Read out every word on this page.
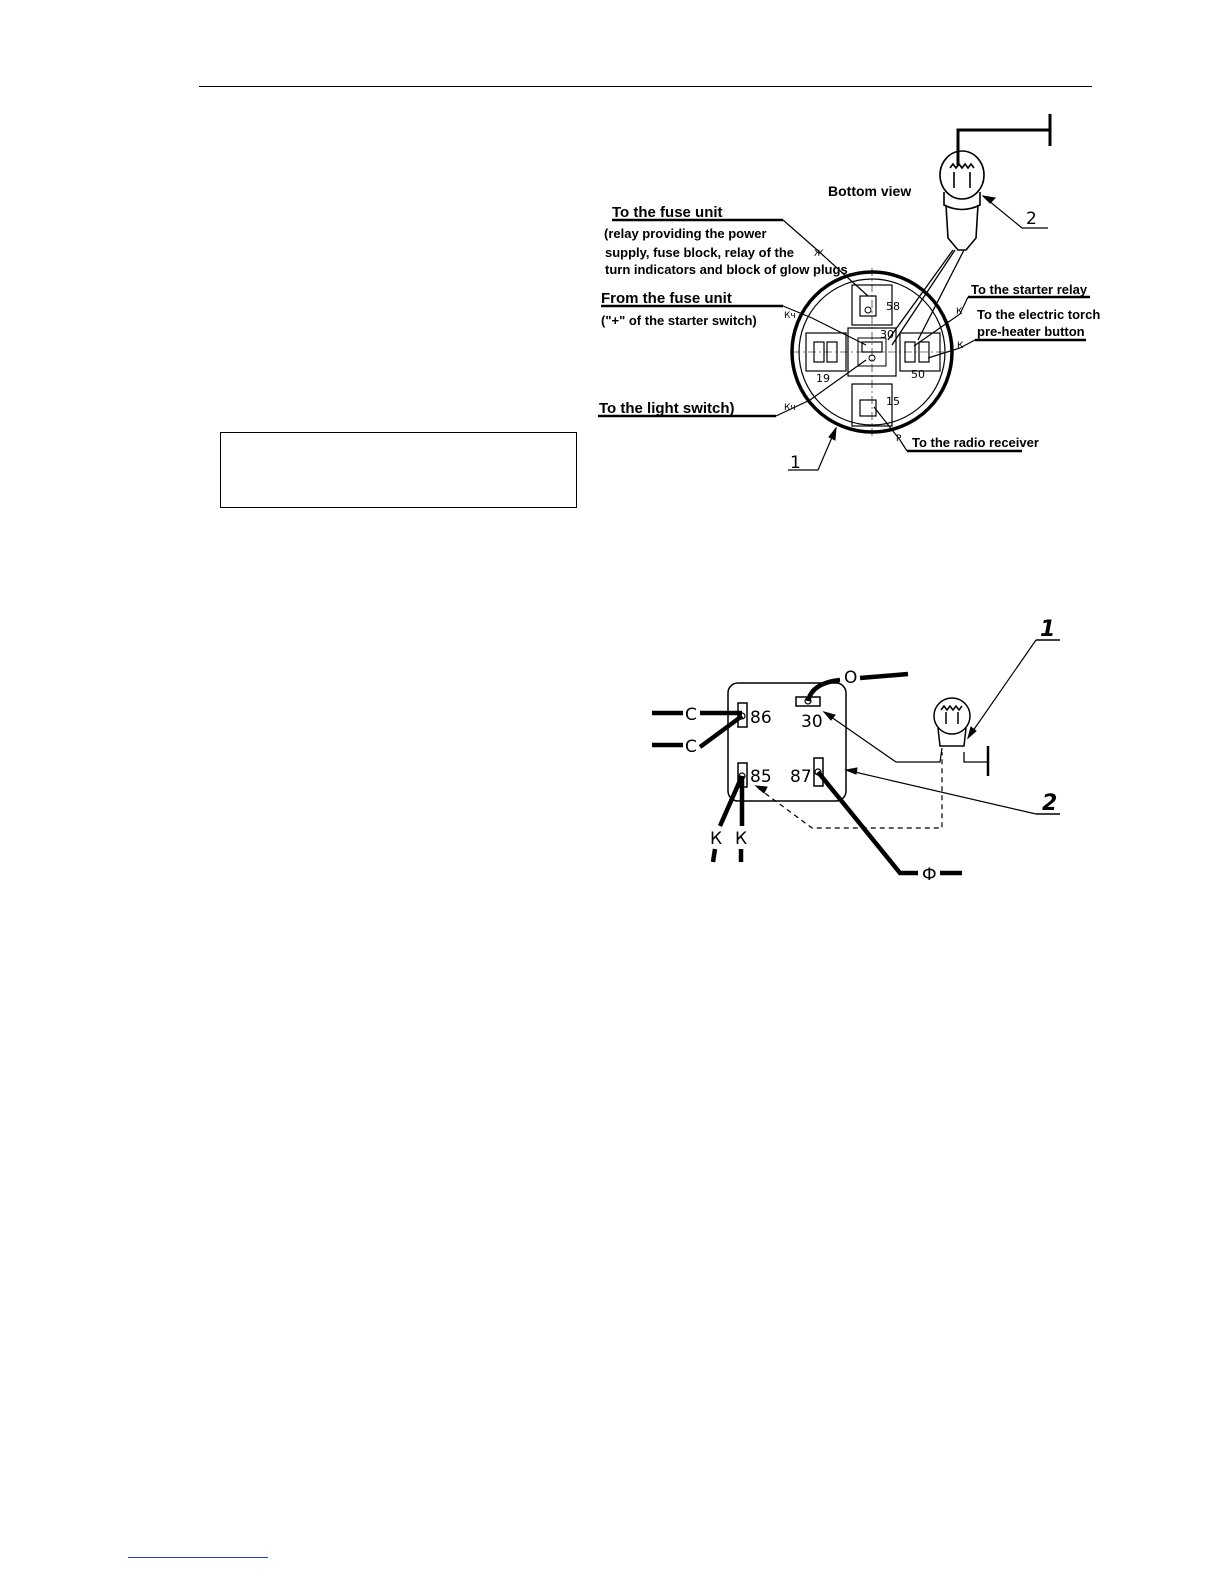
Bottom view
To the fuse unit
(relay providing the power
supply, fuse block, relay of the
turn indicators and block of glow plugs
From the fuse unit
("+" of the starter switch)
To the light switch)
To the starter relay
To the electric torch
pre-heater button
To the radio receiver
58
30
19	50
15
Ж
Кч
Кч
К
К
Р
1
2
86 30
85 87
С
С
О
К К
Ф
1
2
